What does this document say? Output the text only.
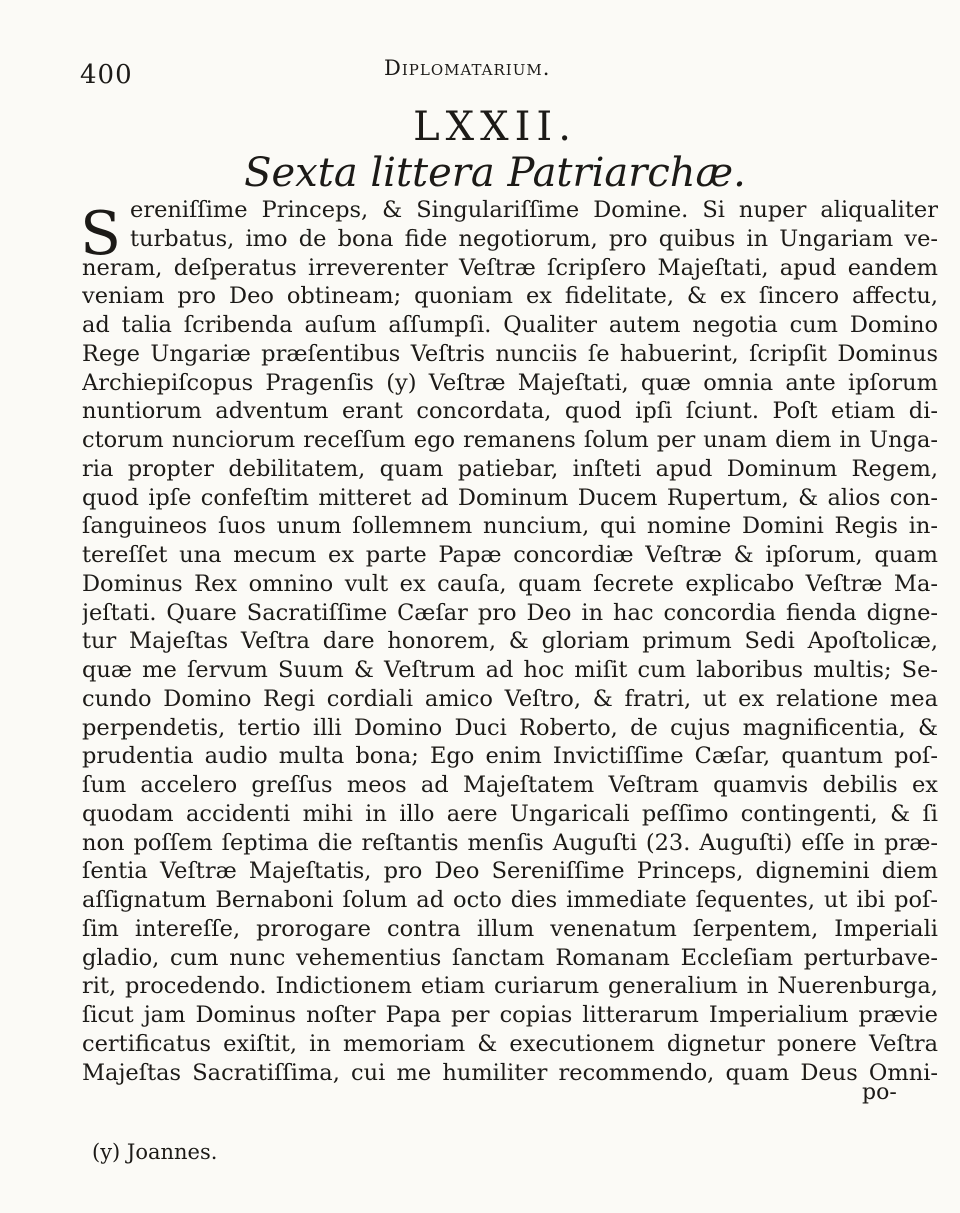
400	Diplomatarium.
LXXII.
Sexta littera Patriarchæ.
S ereniſſime Princeps, & Singulariſſime Domine. Si nuper aliqualiter
turbatus, imo de bona fide negotiorum, pro quibus in Ungariam ve-
neram, deſperatus irreverenter Veſtræ ſcripſero Majeſtati, apud eandem
veniam pro Deo obtineam; quoniam ex fidelitate, & ex ſincero affectu,
ad talia ſcribenda auſum aſſumpſi. Qualiter autem negotia cum Domino
Rege Ungariæ præſentibus Veſtris nunciis ſe habuerint, ſcripſit Dominus
Archiepiſcopus Pragenſis (y) Veſtræ Majeſtati, quæ omnia ante ipſorum
nuntiorum adventum erant concordata, quod ipſi ſciunt. Poſt etiam di-
ctorum nunciorum receſſum ego remanens ſolum per unam diem in Unga-
ria propter debilitatem, quam patiebar, inſteti apud Dominum Regem,
quod ipſe confeſtim mitteret ad Dominum Ducem Rupertum, & alios con-
ſanguineos ſuos unum ſollemnem nuncium, qui nomine Domini Regis in-
tereſſet una mecum ex parte Papæ concordiæ Veſtræ & ipſorum, quam
Dominus Rex omnino vult ex cauſa, quam ſecrete explicabo Veſtræ Ma-
jeſtati. Quare Sacratiſſime Cæſar pro Deo in hac concordia fienda digne-
tur Majeſtas Veſtra dare honorem, & gloriam primum Sedi Apoſtolicæ,
quæ me ſervum Suum & Veſtrum ad hoc miſit cum laboribus multis; Se-
cundo Domino Regi cordiali amico Veſtro, & fratri, ut ex relatione mea
perpendetis, tertio illi Domino Duci Roberto, de cujus magnificentia, &
prudentia audio multa bona; Ego enim Invictiſſime Cæſar, quantum poſ-
ſum accelero greſſus meos ad Majeſtatem Veſtram quamvis debilis ex
quodam accidenti mihi in illo aere Ungaricali peſſimo contingenti, & ſi
non poſſem ſeptima die reſtantis menſis Auguſti (23. Auguſti) eſſe in præ-
ſentia Veſtræ Majeſtatis, pro Deo Sereniſſime Princeps, dignemini diem
aſſignatum Bernaboni ſolum ad octo dies immediate ſequentes, ut ibi poſ-
ſim intereſſe, prorogare contra illum venenatum ſerpentem, Imperiali
gladio, cum nunc vehementius ſanctam Romanam Eccleſiam perturbave-
rit, procedendo. Indictionem etiam curiarum generalium in Nuerenburga,
ſicut jam Dominus noſter Papa per copias litterarum Imperialium prævie
certificatus exiſtit, in memoriam & executionem dignetur ponere Veſtra
Majeſtas Sacratiſſima, cui me humiliter recommendo, quam Deus Omni-
po-
(y) Joannes.
